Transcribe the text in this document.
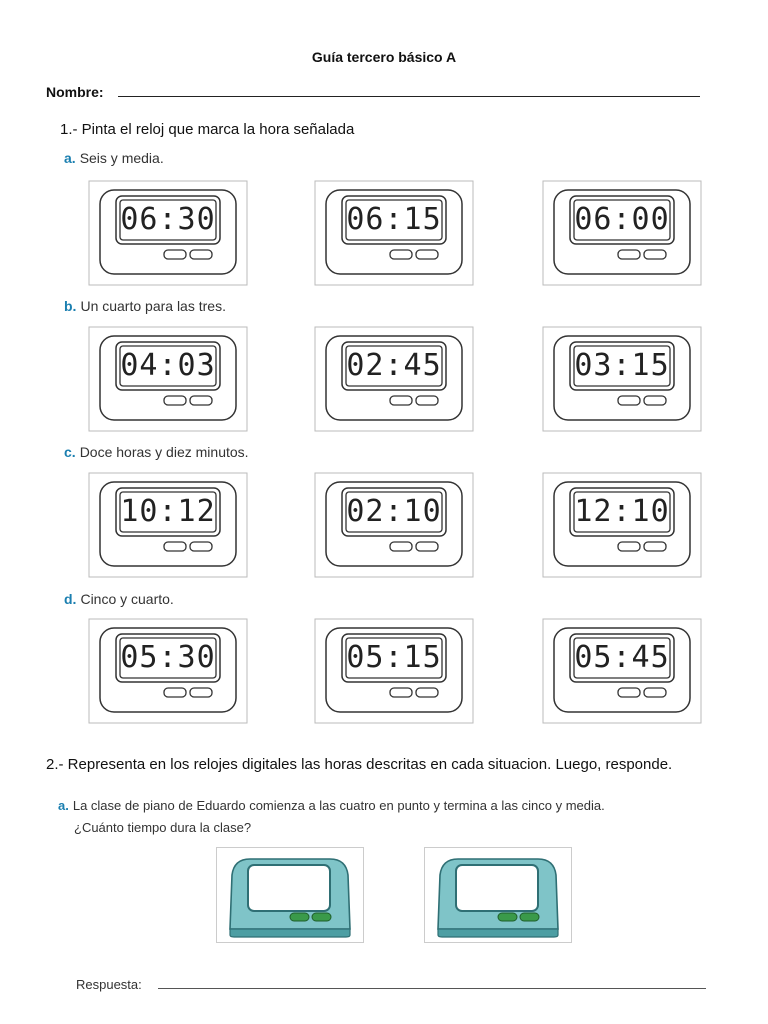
Guía tercero básico A
Nombre:
1.- Pinta el reloj que marca la hora señalada
a. Seis y media.
06:30	06:15	06:00
b. Un cuarto para las tres.
04:03	02:45	03:15
c. Doce horas y diez minutos.
10:12	02:10	12:10
d. Cinco y cuarto.
05:30	05:15	05:45
2.- Representa en los relojes digitales las horas descritas en cada situacion. Luego, responde.
a. La clase de piano de Eduardo comienza a las cuatro en punto y termina a las cinco y media.
¿Cuánto tiempo dura la clase?
Respuesta:
